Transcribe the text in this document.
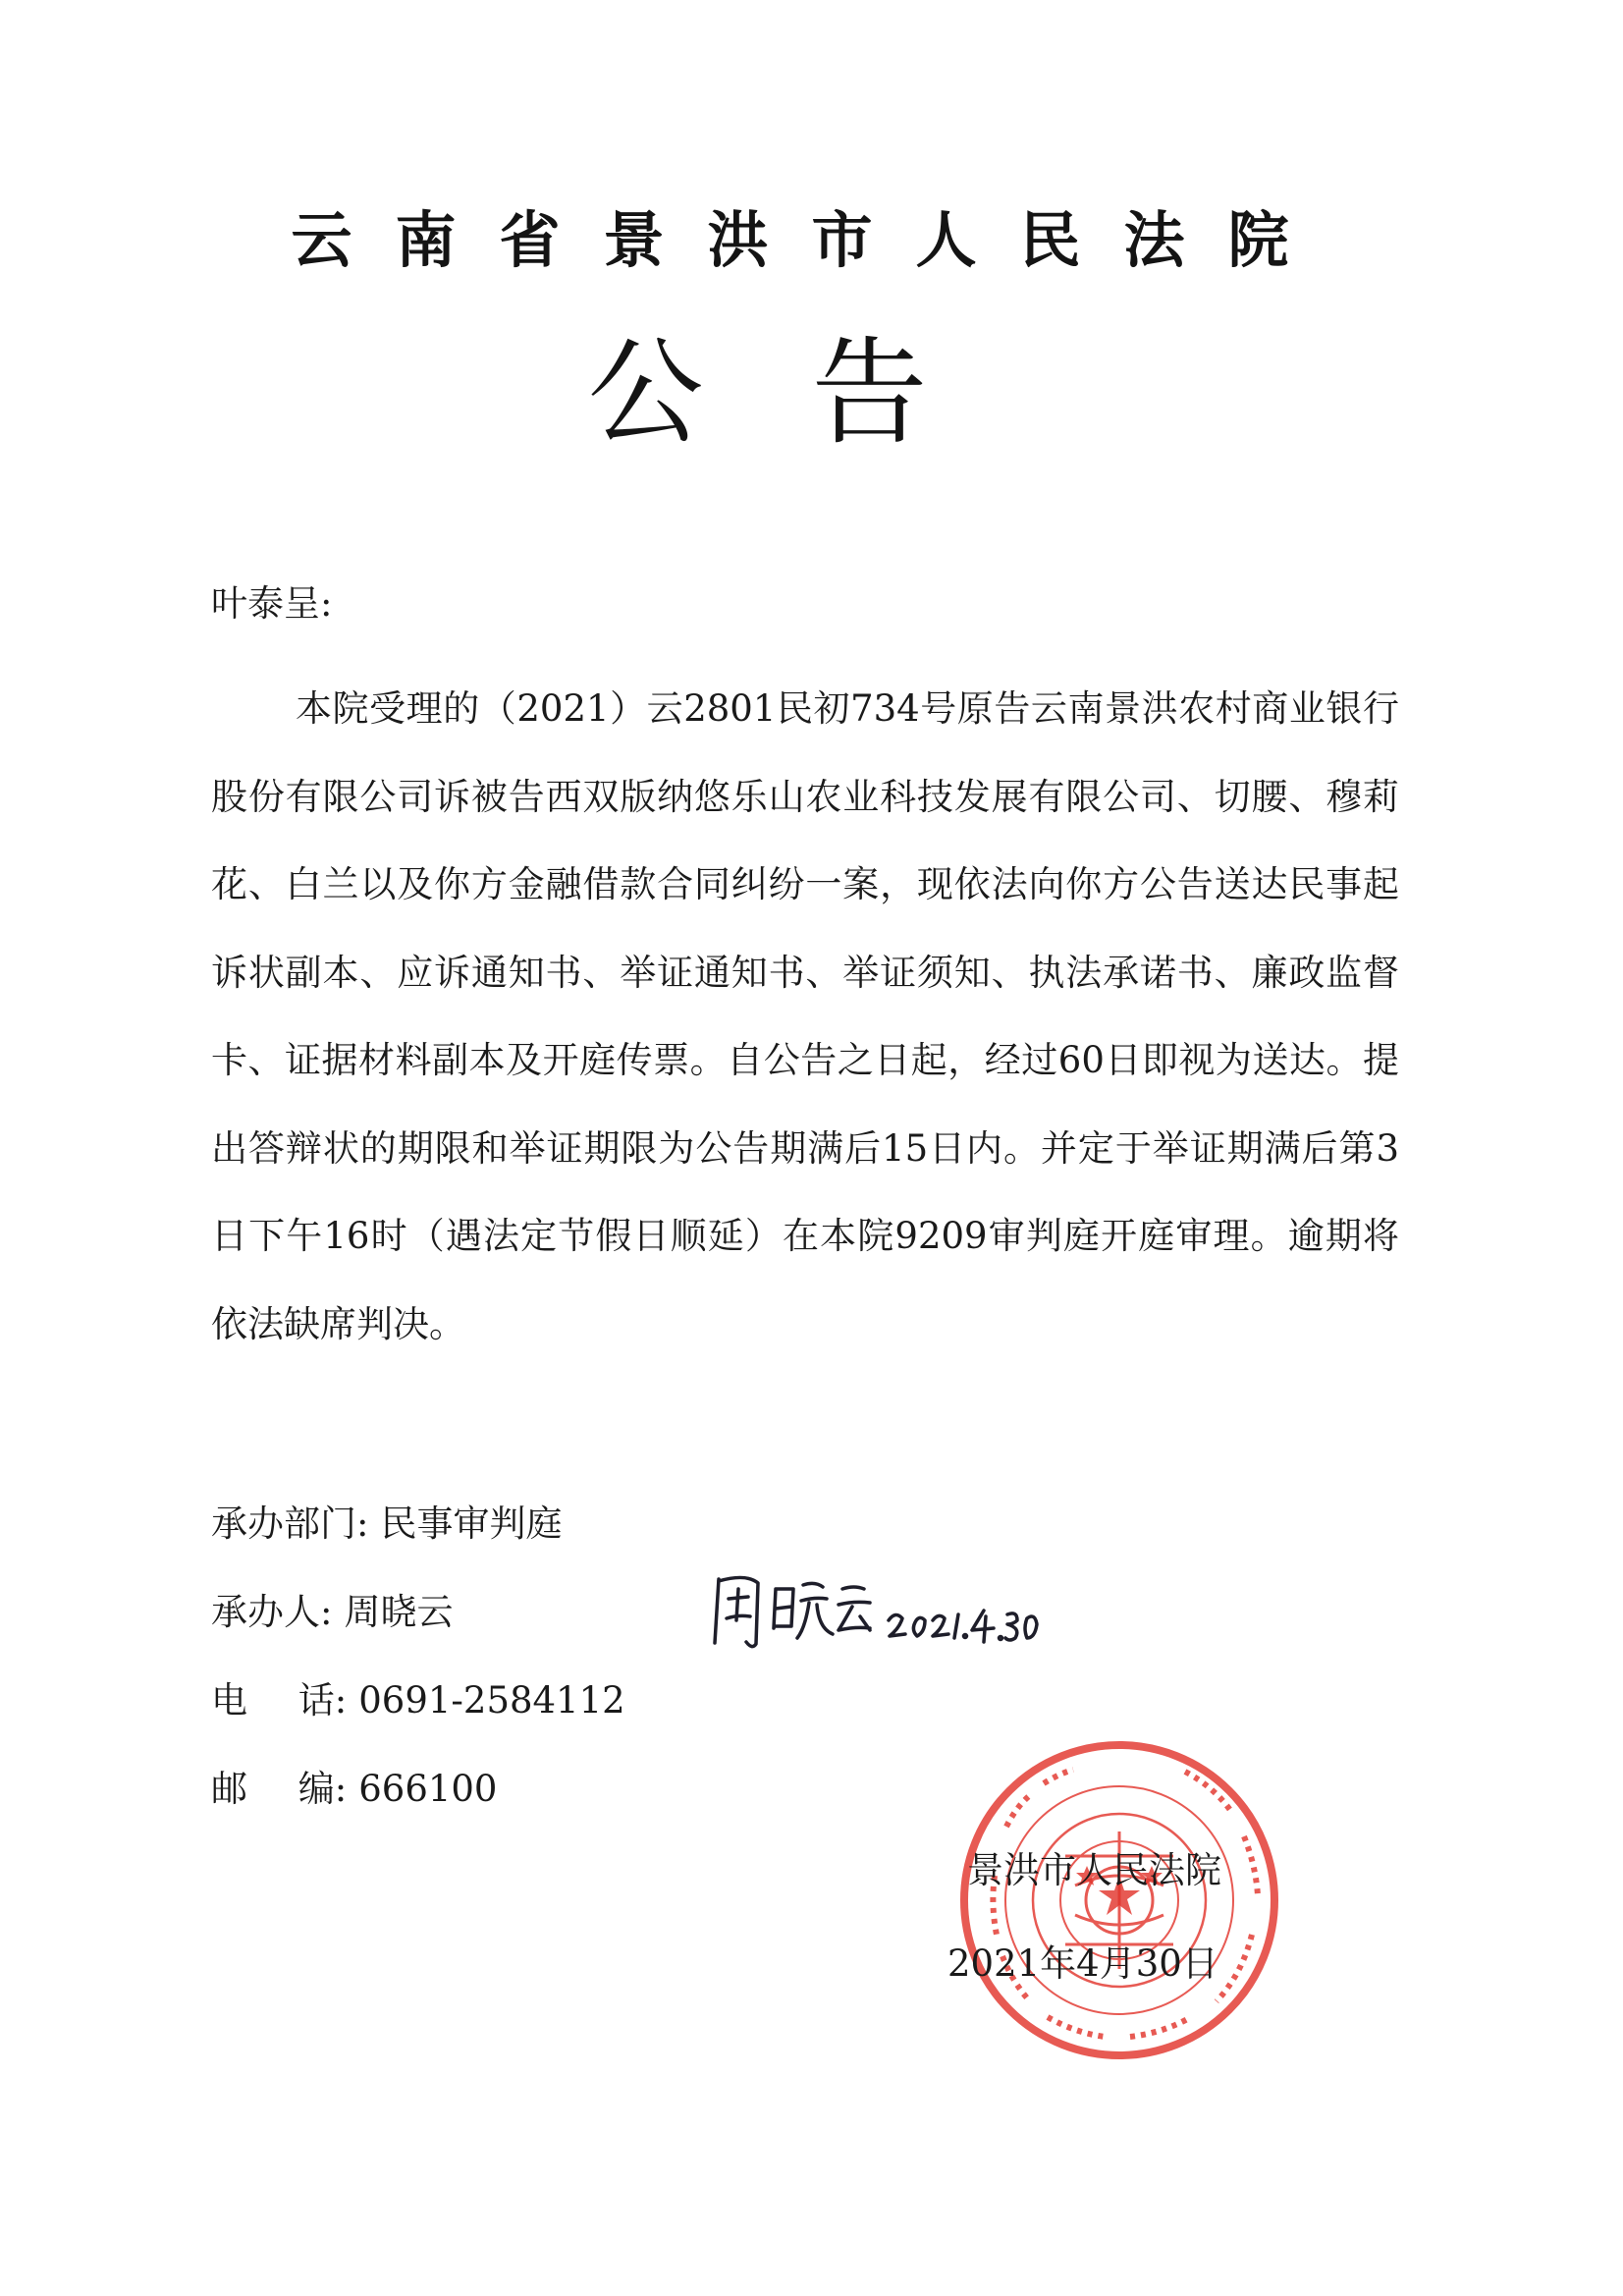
云南省景洪市人民法院
公告
叶泰呈:

本院受理的（2021）云2801民初734号原告云南景洪农村商业银行股份有限公司诉被告西双版纳悠乐山农业科技发展有限公司、切腰、穆莉花、白兰以及你方金融借款合同纠纷一案，现依法向你方公告送达民事起诉状副本、应诉通知书、举证通知书、举证须知、执法承诺书、廉政监督卡、证据材料副本及开庭传票。自公告之日起，经过60日即视为送达。提出答辩状的期限和举证期限为公告期满后15日内。并定于举证期满后第3日下午16时（遇法定节假日顺延）在本院9209审判庭开庭审理。逾期将依法缺席判决。

承办部门: 民事审判庭
承办人: 周晓云
电 话: 0691-2584112
邮 编: 666100
景洪市人民法院
2021年4月30日
